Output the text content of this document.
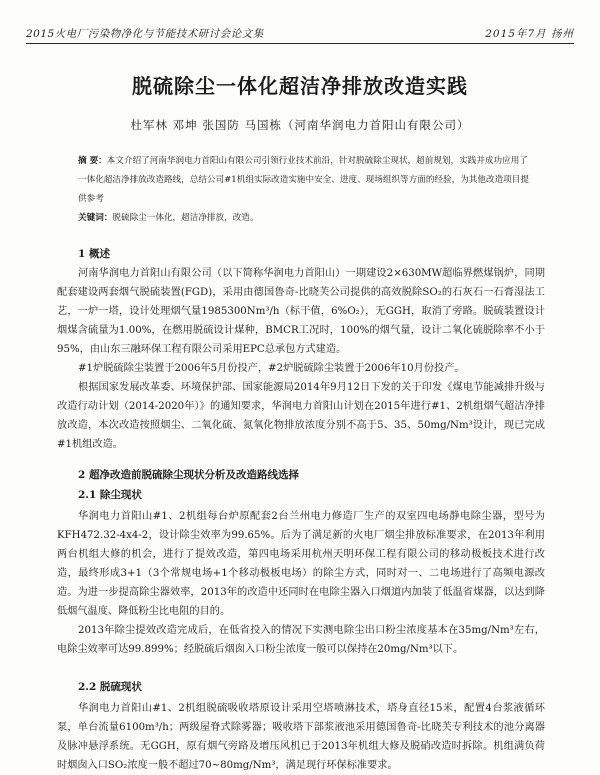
2015火电厂污染物净化与节能技术研讨会论文集	2015年7月 扬州
脱硫除尘一体化超洁净排放改造实践
杜军林 邓坤 张国防 马国栋（河南华润电力首阳山有限公司）
摘 要：本文介绍了河南华润电力首阳山有限公司引领行业技术前沿，针对脱硫除尘现状，超前规划，实践并成功应用了一体化超洁净排放改造路线，总结公司#1机组实际改造实施中安全、进度、现场组织等方面的经验，为其他改造项目提供参考
关键词：脱硫除尘一体化，超洁净排放，改造。
1 概述

河南华润电力首阳山有限公司（以下简称华润电力首阳山）一期建设2×630MW超临界燃煤锅炉，同期配套建设两套烟气脱硫装置(FGD)，采用由德国鲁奇-比晓芙公司提供的高效脱除SO₂的石灰石一石膏湿法工艺，一炉一塔，设计处理烟气量1985300Nm³/h（标干值，6%O₂），无GGH，取消了旁路。脱硫装置设计烟煤含硫量为1.00%，在燃用脱硫设计煤种，BMCR工况时，100%的烟气量，设计二氧化硫脱除率不小于95%，由山东三融环保工程有限公司采用EPC总承包方式建造。

#1炉脱硫除尘装置于2006年5月份投产，#2炉脱硫除尘装置于2006年10月份投产。

根据国家发展改革委、环境保护部、国家能源局2014年9月12日下发的关于印发《煤电节能减排升级与改造行动计划（2014-2020年）》的通知要求，华润电力首阳山计划在2015年进行#1、2机组烟气超洁净排放改造，本次改造按照烟尘、二氧化硫、氮氧化物排放浓度分别不高于5、35、50mg/Nm³设计，现已完成#1机组改造。

2 超净改造前脱硫除尘现状分析及改造路线选择
2.1 除尘现状

华润电力首阳山#1、2机组每台炉原配套2台兰州电力修造厂生产的双室四电场静电除尘器，型号为KFH472.32-4x4-2，设计除尘效率为99.65%。后为了满足新的火电厂烟尘排放标准要求，在2013年利用两台机组大修的机会，进行了提效改造，第四电场采用杭州天明环保工程有限公司的移动极板技术进行改造，最终形成3+1（3个常规电场+1个移动极板电场）的除尘方式，同时对一、二电场进行了高频电源改造。为进一步提高除尘器效率，2013年的改造中还同时在电除尘器入口烟道内加装了低温省煤器，以达到降低烟气温度、降低粉尘比电阻的目的。

2013年除尘提效改造完成后，在低省投入的情况下实测电除尘出口粉尘浓度基本在35mg/Nm³左右，电除尘效率可达99.899%；经脱硫后烟囱入口粉尘浓度一般可以保持在20mg/Nm³以下。

2.2 脱硫现状

华润电力首阳山#1、2机组脱硫吸收塔原设计采用空塔喷淋技术，塔身直径15米，配置4台浆液循环泵，单台流量6100m³/h；两级屋脊式除雾器；吸收塔下部浆液池采用德国鲁奇-比晓芙专利技术的池分离器及脉冲悬浮系统。无GGH，原有烟气旁路及增压风机已于2013年机组大修及脱硝改造时拆除。机组满负荷时烟囱入口SO₂浓度一般不超过70~80mg/Nm³，满足现行环保标准要求。
